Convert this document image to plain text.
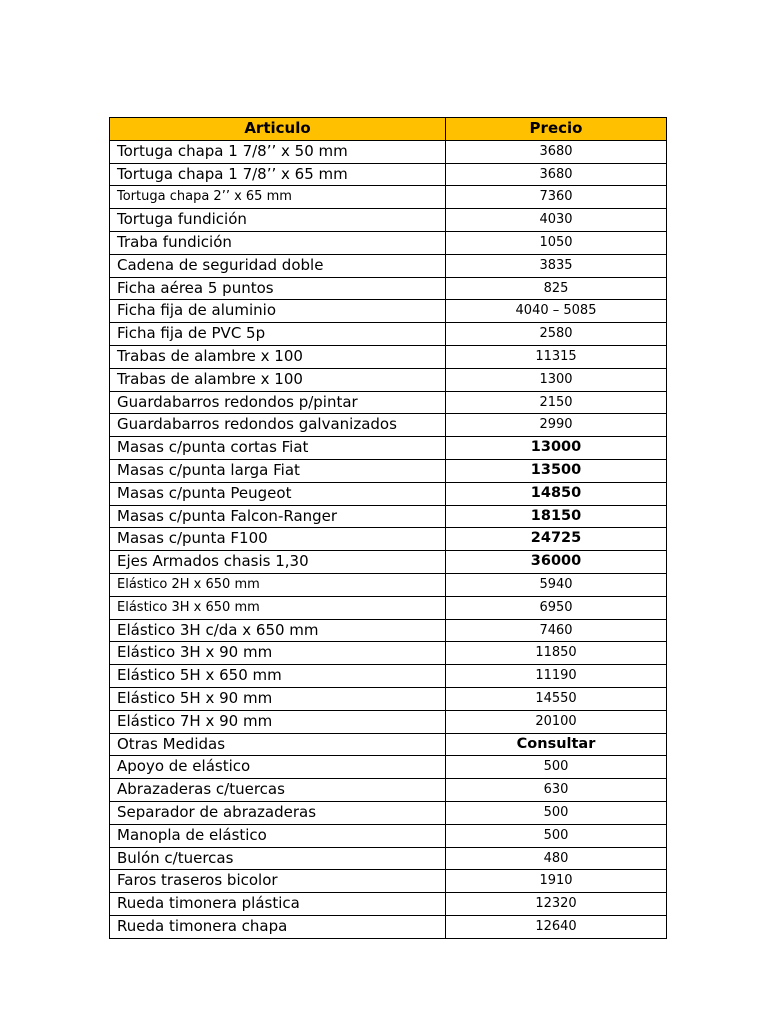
Articulo	Precio
Tortuga chapa 1 7/8’’ x 50 mm	3680
Tortuga chapa 1 7/8’’ x 65 mm	3680
Tortuga chapa 2’’ x 65 mm	7360
Tortuga fundición	4030
Traba fundición	1050
Cadena de seguridad doble	3835
Ficha aérea 5 puntos	825
Ficha fija de aluminio	4040 – 5085
Ficha fija de PVC 5p	2580
Trabas de alambre x 100	11315
Trabas de alambre x 100	1300
Guardabarros redondos p/pintar	2150
Guardabarros redondos galvanizados	2990
Masas c/punta cortas Fiat	13000
Masas c/punta larga Fiat	13500
Masas c/punta Peugeot	14850
Masas c/punta Falcon-Ranger	18150
Masas c/punta F100	24725
Ejes Armados chasis 1,30	36000
Elástico 2H x 650 mm	5940
Elástico 3H x 650 mm	6950
Elástico 3H c/da x 650 mm	7460
Elástico 3H x 90 mm	11850
Elástico 5H x 650 mm	11190
Elástico 5H x 90 mm	14550
Elástico 7H x 90 mm	20100
Otras Medidas	Consultar
Apoyo de elástico	500
Abrazaderas c/tuercas	630
Separador de abrazaderas	500
Manopla de elástico	500
Bulón c/tuercas	480
Faros traseros bicolor	1910
Rueda timonera plástica	12320
Rueda timonera chapa	12640
